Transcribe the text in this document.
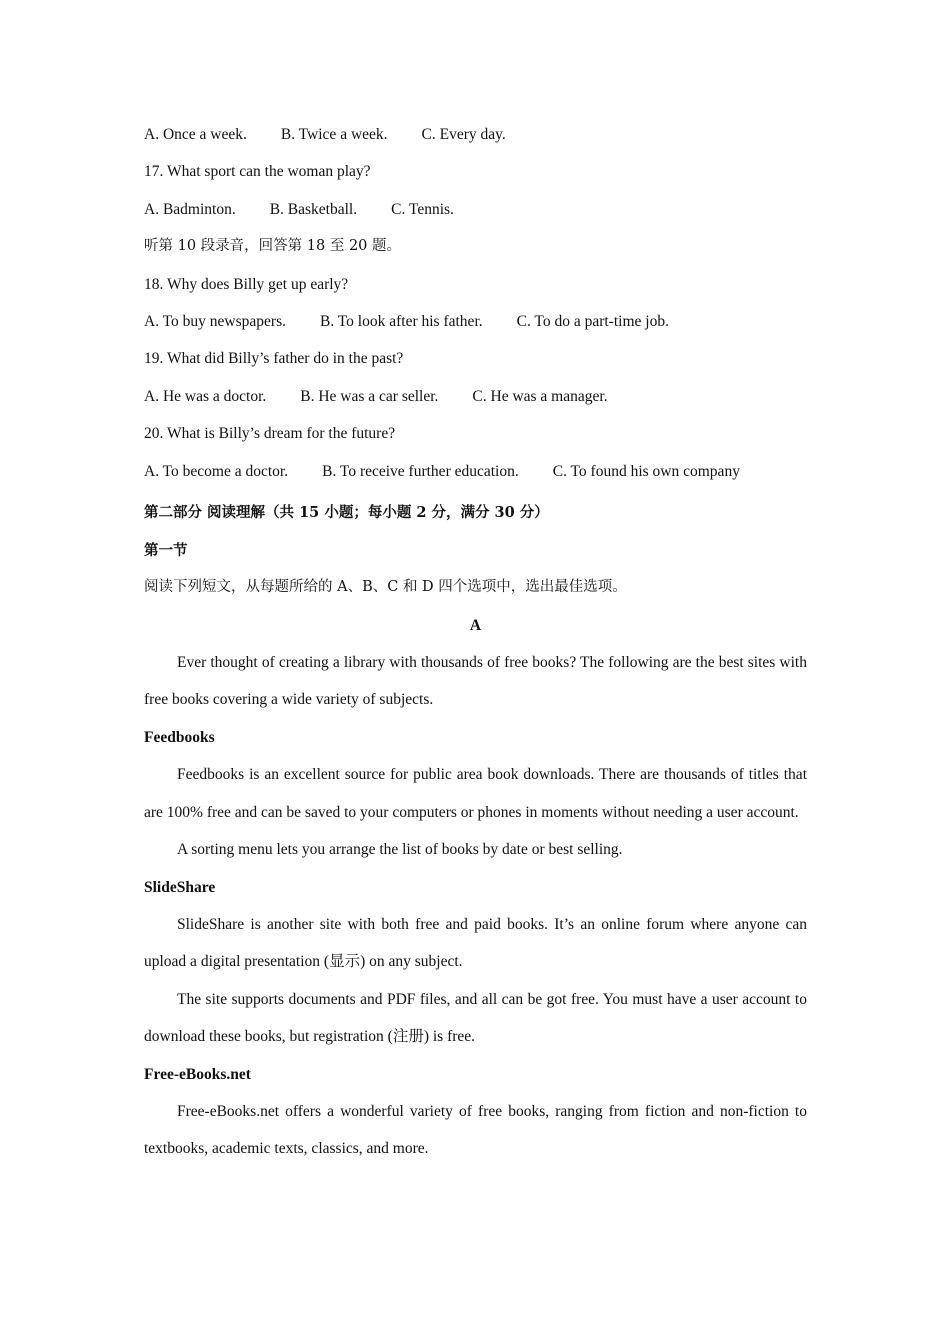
A. Once a week. B. Twice a week. C. Every day.
17. What sport can the woman play?
A. Badminton. B. Basketball. C. Tennis.
听第 10 段录音，回答第 18 至 20 题。
18. Why does Billy get up early?
A. To buy newspapers. B. To look after his father. C. To do a part-time job.
19. What did Billy’s father do in the past?
A. He was a doctor. B. He was a car seller. C. He was a manager.
20. What is Billy’s dream for the future?
A. To become a doctor. B. To receive further education. C. To found his own company
第二部分 阅读理解（共 15 小题；每小题 2 分，满分 30 分）
第一节
阅读下列短文，从每题所给的 A、B、C 和 D 四个选项中，选出最佳选项。
A

Ever thought of creating a library with thousands of free books? The following are the best sites with free books covering a wide variety of subjects.

Feedbooks

Feedbooks is an excellent source for public area book downloads. There are thousands of titles that are 100% free and can be saved to your computers or phones in moments without needing a user account.

A sorting menu lets you arrange the list of books by date or best selling.

SlideShare

SlideShare is another site with both free and paid books. It’s an online forum where anyone can upload a digital presentation (显示) on any subject.

The site supports documents and PDF files, and all can be got free. You must have a user account to download these books, but registration (注册) is free.

Free-eBooks.net

Free-eBooks.net offers a wonderful variety of free books, ranging from fiction and non-fiction to textbooks, academic texts, classics, and more.
